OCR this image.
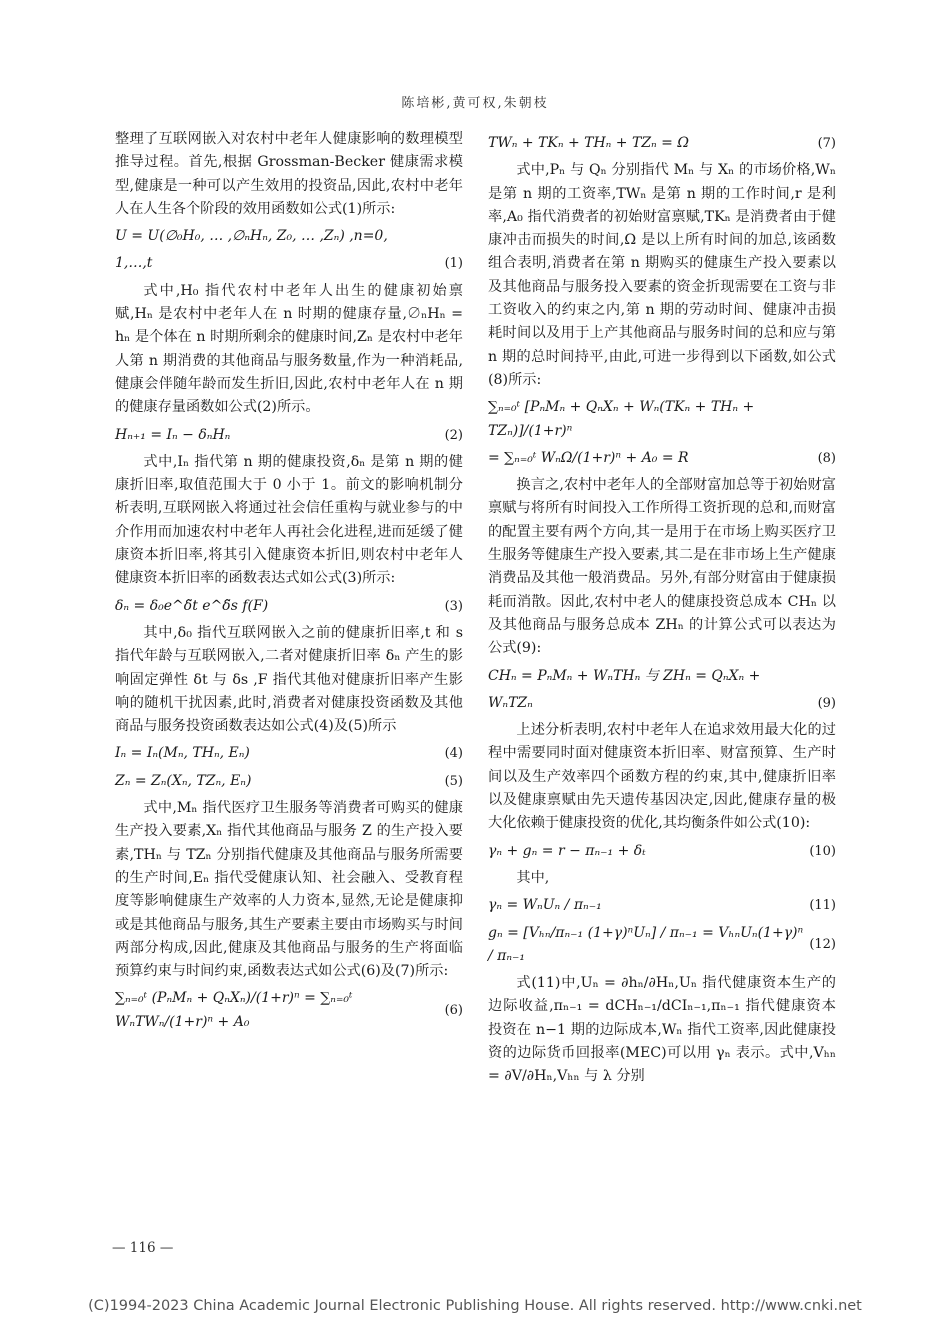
陈培彬,黄可权,朱朝枝

整理了互联网嵌入对农村中老年人健康影响的数理模型推导过程。首先,根据 Grossman-Becker 健康需求模型,健康是一种可以产生效用的投资品,因此,农村中老年人在人生各个阶段的效用函数如公式(1)所示:

U = U(∅₀H₀, … ,∅ₙHₙ, Z₀, … ,Zₙ) ,n=0,
1,…,t	(1)

式中,H₀ 指代农村中老年人出生的健康初始禀赋,Hₙ 是农村中老年人在 n 时期的健康存量,∅ₙHₙ = hₙ 是个体在 n 时期所剩余的健康时间,Zₙ 是农村中老年人第 n 期消费的其他商品与服务数量,作为一种消耗品,健康会伴随年龄而发生折旧,因此,农村中老年人在 n 期的健康存量函数如公式(2)所示。

Hₙ₊₁ = Iₙ − δₙHₙ	(2)

式中,Iₙ 指代第 n 期的健康投资,δₙ 是第 n 期的健康折旧率,取值范围大于 0 小于 1。前文的影响机制分析表明,互联网嵌入将通过社会信任重构与就业参与的中介作用而加速农村中老年人再社会化进程,进而延缓了健康资本折旧率,将其引入健康资本折旧,则农村中老年人健康资本折旧率的函数表达式如公式(3)所示:

δₙ = δ₀e^δ̃t e^δ̃s f(F)	(3)

其中,δ₀ 指代互联网嵌入之前的健康折旧率,t 和 s 指代年龄与互联网嵌入,二者对健康折旧率 δₙ 产生的影响固定弹性 δt 与 δs ,F 指代其他对健康折旧率产生影响的随机干扰因素,此时,消费者对健康投资函数及其他商品与服务投资函数表达如公式(4)及(5)所示

Iₙ = Iₙ(Mₙ, THₙ, Eₙ)	(4)
Zₙ = Zₙ(Xₙ, TZₙ, Eₙ)	(5)

式中,Mₙ 指代医疗卫生服务等消费者可购买的健康生产投入要素,Xₙ 指代其他商品与服务 Z 的生产投入要素,THₙ 与 TZₙ 分别指代健康及其他商品与服务所需要的生产时间,Eₙ 指代受健康认知、社会融入、受教育程度等影响健康生产效率的人力资本,显然,无论是健康抑或是其他商品与服务,其生产要素主要由市场购买与时间两部分构成,因此,健康及其他商品与服务的生产将面临预算约束与时间约束,函数表达式如公式(6)及(7)所示:

∑ₙ₌₀ᵗ (PₙMₙ + QₙXₙ)/(1+r)ⁿ = ∑ₙ₌₀ᵗ WₙTWₙ/(1+r)ⁿ + A₀
(6)
TWₙ + TKₙ + THₙ + TZₙ = Ω	(7)

式中,Pₙ 与 Qₙ 分别指代 Mₙ 与 Xₙ 的市场价格,Wₙ 是第 n 期的工资率,TWₙ 是第 n 期的工作时间,r 是利率,A₀ 指代消费者的初始财富禀赋,TKₙ 是消费者由于健康冲击而损失的时间,Ω 是以上所有时间的加总,该函数组合表明,消费者在第 n 期购买的健康生产投入要素以及其他商品与服务投入要素的资金折现需要在工资与非工资收入的约束之内,第 n 期的劳动时间、健康冲击损耗时间以及用于上产其他商品与服务时间的总和应与第 n 期的总时间持平,由此,可进一步得到以下函数,如公式(8)所示:

∑ₙ₌₀ᵗ [PₙMₙ + QₙXₙ + Wₙ(TKₙ + THₙ + TZₙ)]/(1+r)ⁿ
= ∑ₙ₌₀ᵗ WₙΩ/(1+r)ⁿ + A₀ = R	(8)

换言之,农村中老年人的全部财富加总等于初始财富禀赋与将所有时间投入工作所得工资折现的总和,而财富的配置主要有两个方向,其一是用于在市场上购买医疗卫生服务等健康生产投入要素,其二是在非市场上生产健康消费品及其他一般消费品。另外,有部分财富由于健康损耗而消散。因此,农村中老人的健康投资总成本 CHₙ 以及其他商品与服务总成本 ZHₙ 的计算公式可以表达为公式(9):

CHₙ = PₙMₙ + WₙTHₙ 与 ZHₙ = QₙXₙ +
WₙTZₙ	(9)

上述分析表明,农村中老年人在追求效用最大化的过程中需要同时面对健康资本折旧率、财富预算、生产时间以及生产效率四个函数方程的约束,其中,健康折旧率以及健康禀赋由先天遗传基因决定,因此,健康存量的极大化依赖于健康投资的优化,其均衡条件如公式(10):

γₙ + gₙ = r − πₙ₋₁ + δₜ	(10)

其中,

γₙ = WₙUₙ / πₙ₋₁	(11)
gₙ = [Vₕₙ/πₙ₋₁ (1+γ)ⁿUₙ] / πₙ₋₁ = VₕₙUₙ(1+γ)ⁿ / πₙ₋₁
(12)

式(11)中,Uₙ = ∂hₙ/∂Hₙ,Uₙ 指代健康资本生产的边际收益,πₙ₋₁ = dCHₙ₋₁/dCIₙ₋₁,πₙ₋₁ 指代健康资本投资在 n−1 期的边际成本,Wₙ 指代工资率,因此健康投资的边际货币回报率(MEC)可以用 γₙ 表示。式中,Vₕₙ = ∂V/∂Hₙ,Vₕₙ 与 λ 分别

— 116 —
(C)1994-2023 China Academic Journal Electronic Publishing House. All rights reserved. http://www.cnki.net
